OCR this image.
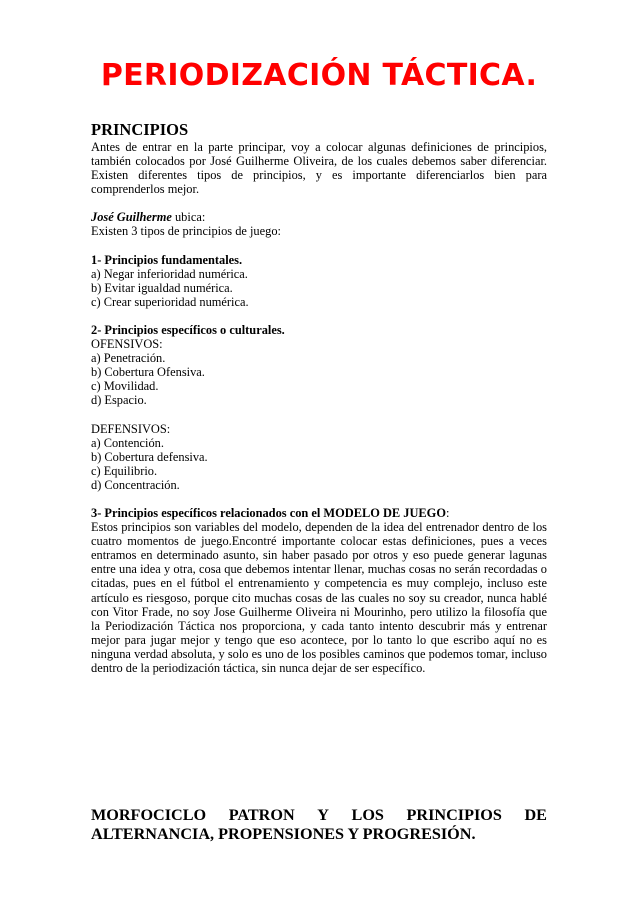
PERIODIZACIÓN TÁCTICA.
PRINCIPIOS

Antes de entrar en la parte principar, voy a colocar algunas definiciones de principios, también colocados por José Guilherme Oliveira, de los cuales debemos saber diferenciar. Existen diferentes tipos de principios, y es importante diferenciarlos bien para comprenderlos mejor.

José Guilherme ubica:

Existen 3 tipos de principios de juego:

1- Principios fundamentales.

a) Negar inferioridad numérica.
b) Evitar igualdad numérica.
c) Crear superioridad numérica.

2- Principios específicos o culturales.

OFENSIVOS:
a) Penetración.
b) Cobertura Ofensiva.
c) Movilidad.
d) Espacio.
DEFENSIVOS:
a) Contención.
b) Cobertura defensiva.
c) Equilibrio.
d) Concentración.

3- Principios específicos relacionados con el MODELO DE JUEGO:

Estos principios son variables del modelo, dependen de la idea del entrenador dentro de los cuatro momentos de juego.Encontré importante colocar estas definiciones, pues a veces entramos en determinado asunto, sin haber pasado por otros y eso puede generar lagunas entre una idea y otra, cosa que debemos intentar llenar, muchas cosas no serán recordadas o citadas, pues en el fútbol el entrenamiento y competencia es muy complejo, incluso este artículo es riesgoso, porque cito muchas cosas de las cuales no soy su creador, nunca hablé con Vitor Frade, no soy Jose Guilherme Oliveira ni Mourinho, pero utilizo la filosofía que la Periodización Táctica nos proporciona, y cada tanto intento descubrir más y entrenar mejor para jugar mejor y tengo que eso acontece, por lo tanto lo que escribo aquí no es ninguna verdad absoluta, y solo es uno de los posibles caminos que podemos tomar, incluso dentro de la periodización táctica, sin nunca dejar de ser específico.

MORFOCICLO PATRON Y LOS PRINCIPIOS DE
ALTERNANCIA, PROPENSIONES Y PROGRESIÓN.
